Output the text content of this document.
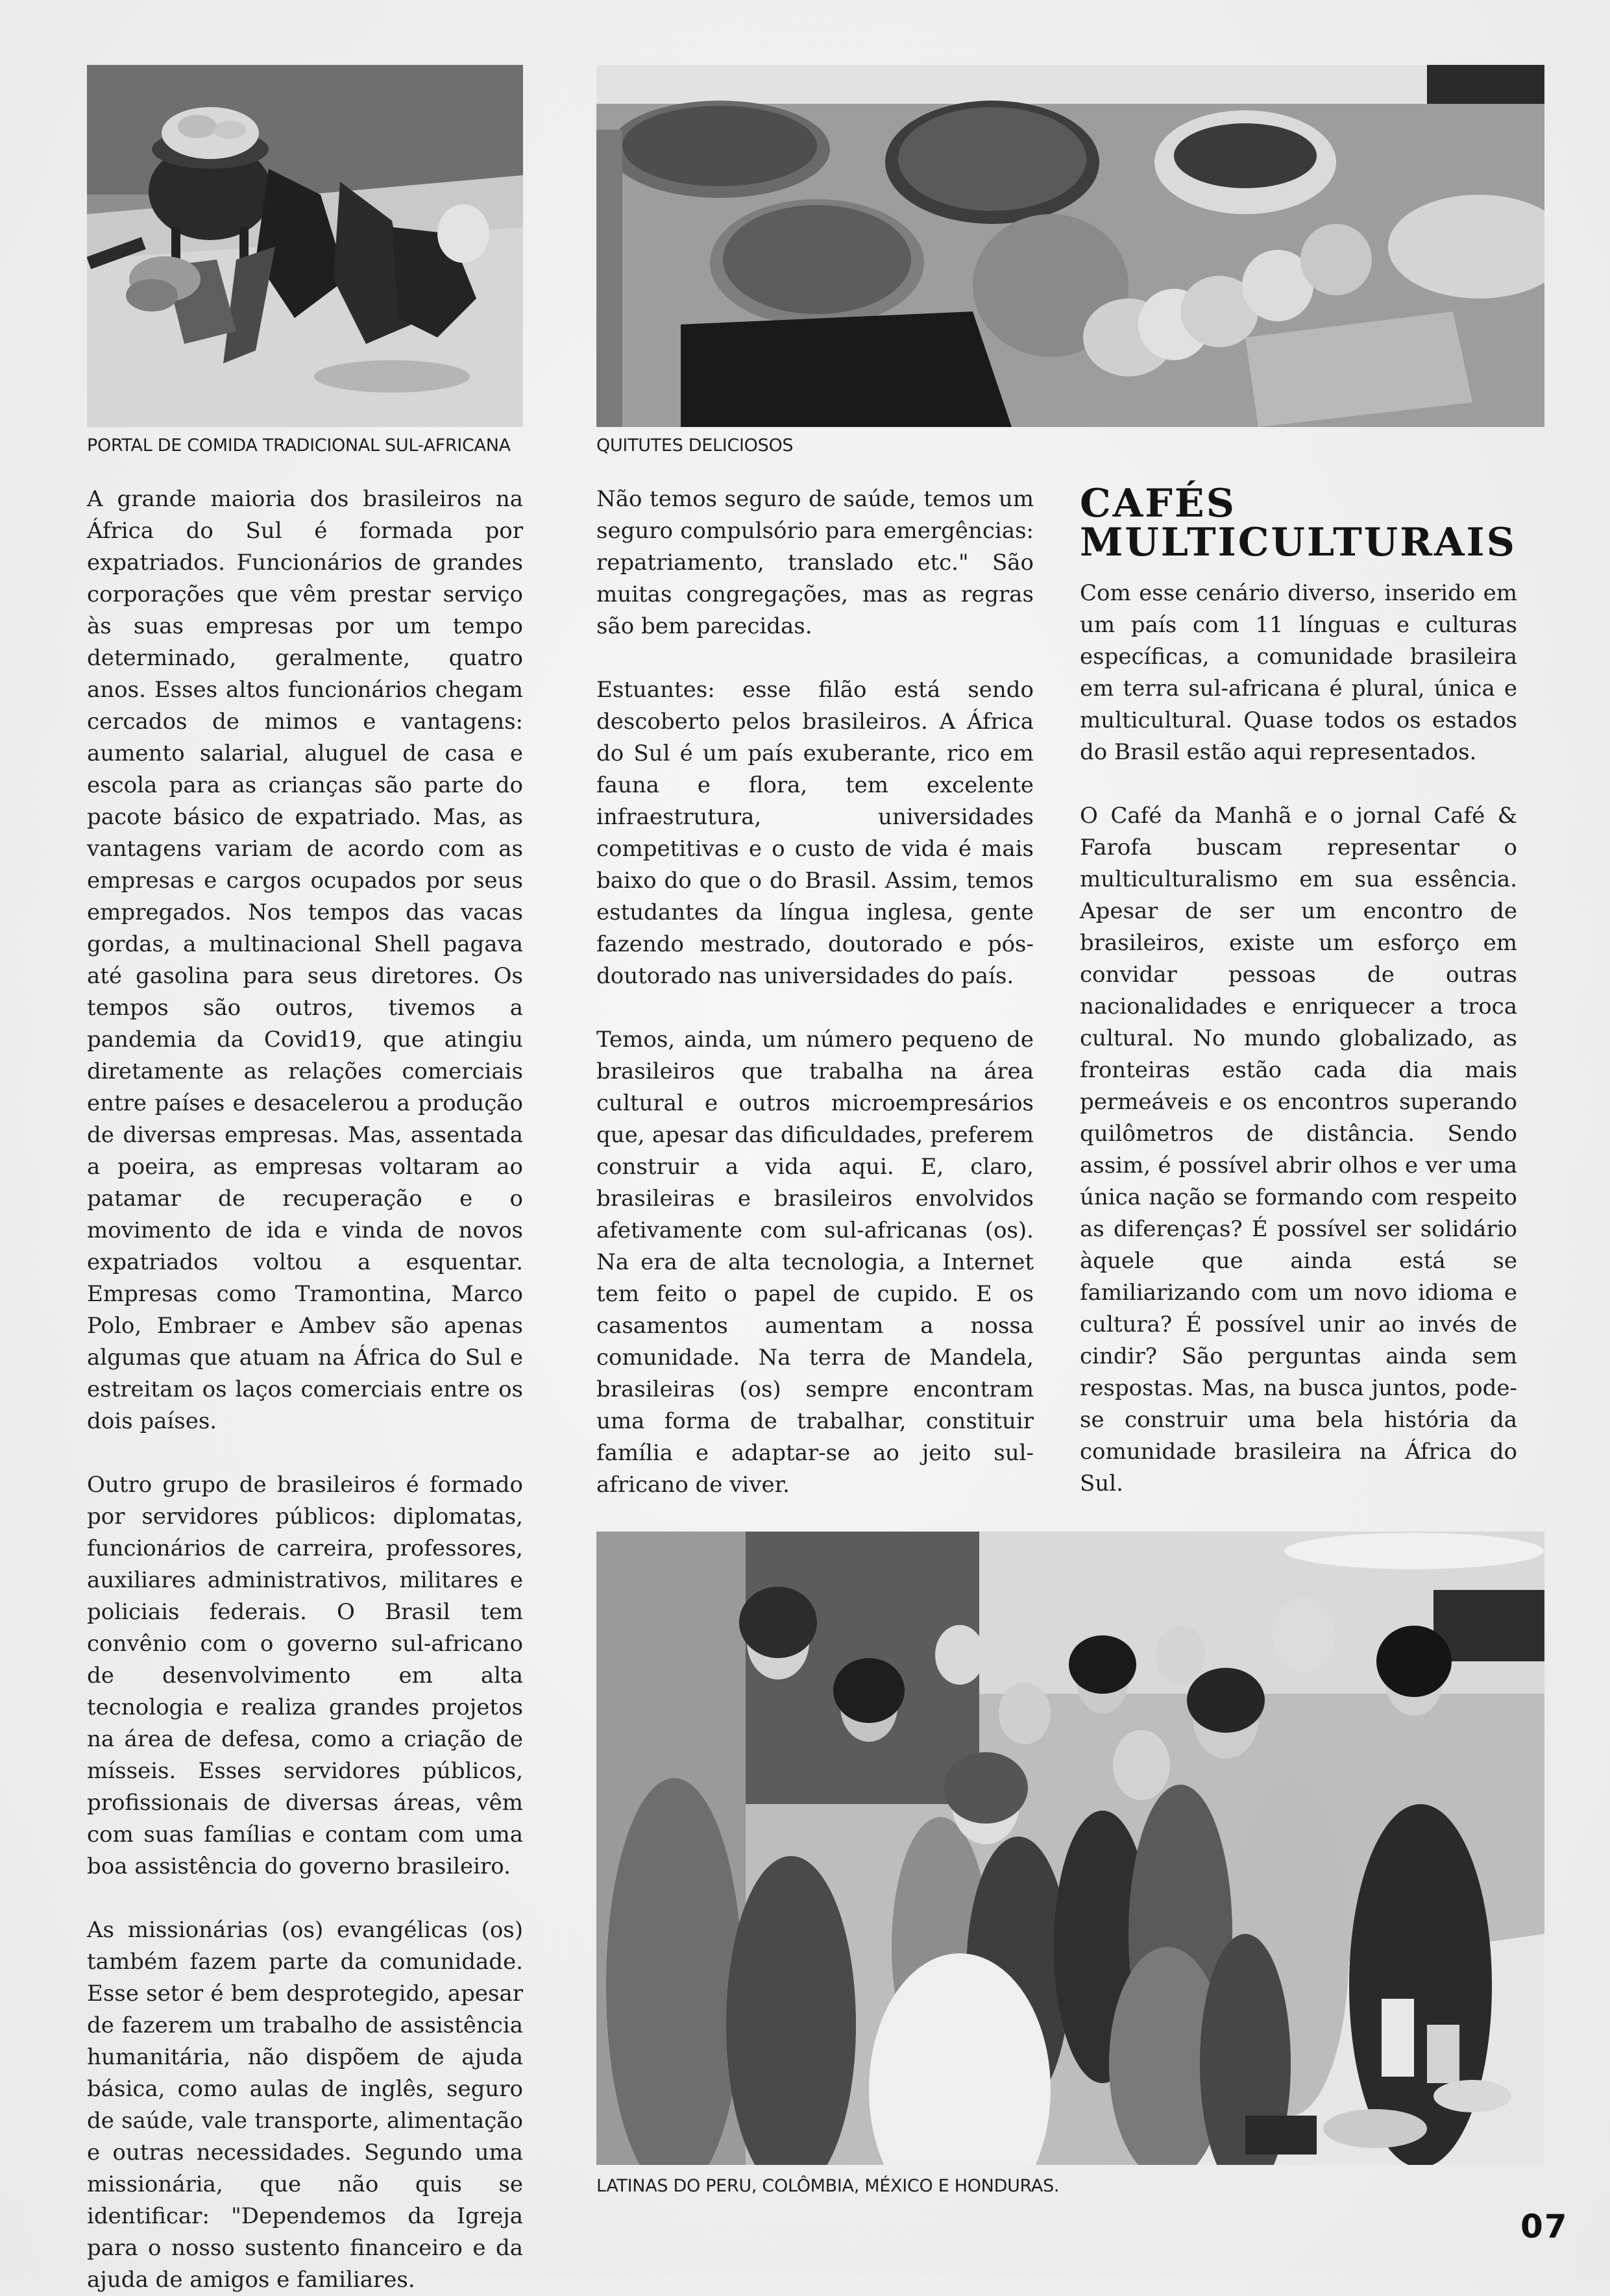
PORTAL DE COMIDA TRADICIONAL SUL-AFRICANA	QUITUTES DELICIOSOS

A grande maioria dos brasileiros na África do Sul é formada por expatriados. Funcionários de grandes corporações que vêm prestar serviço às suas empresas por um tempo determinado, geralmente, quatro anos. Esses altos funcionários chegam cercados de mimos e vantagens: aumento salarial, aluguel de casa e escola para as crianças são parte do pacote básico de expatriado. Mas, as vantagens variam de acordo com as empresas e cargos ocupados por seus empregados. Nos tempos das vacas gordas, a multinacional Shell pagava até gasolina para seus diretores. Os tempos são outros, tivemos a pandemia da Covid19, que atingiu diretamente as relações comerciais entre países e desacelerou a produção de diversas empresas. Mas, assentada a poeira, as empresas voltaram ao patamar de recuperação e o movimento de ida e vinda de novos expatriados voltou a esquentar. Empresas como Tramontina, Marco Polo, Embraer e Ambev são apenas algumas que atuam na África do Sul e estreitam os laços comerciais entre os dois países.

Outro grupo de brasileiros é formado por servidores públicos: diplomatas, funcionários de carreira, professores, auxiliares administrativos, militares e policiais federais. O Brasil tem convênio com o governo sul-africano de desenvolvimento em alta tecnologia e realiza grandes projetos na área de defesa, como a criação de mísseis. Esses servidores públicos, profissionais de diversas áreas, vêm com suas famílias e contam com uma boa assistência do governo brasileiro.

As missionárias (os) evangélicas (os) também fazem parte da comunidade. Esse setor é bem desprotegido, apesar de fazerem um trabalho de assistência humanitária, não dispõem de ajuda básica, como aulas de inglês, seguro de saúde, vale transporte, alimentação e outras necessidades. Segundo uma missionária, que não quis se identificar: "Dependemos da Igreja para o nosso sustento financeiro e da ajuda de amigos e familiares.

Não temos seguro de saúde, temos um seguro compulsório para emergências: repatriamento, translado etc." São muitas congregações, mas as regras são bem parecidas.

Estuantes: esse filão está sendo descoberto pelos brasileiros. A África do Sul é um país exuberante, rico em fauna e flora, tem excelente infraestrutura, universidades competitivas e o custo de vida é mais baixo do que o do Brasil. Assim, temos estudantes da língua inglesa, gente fazendo mestrado, doutorado e pós-doutorado nas universidades do país.

Temos, ainda, um número pequeno de brasileiros que trabalha na área cultural e outros microempresários que, apesar das dificuldades, preferem construir a vida aqui. E, claro, brasileiras e brasileiros envolvidos afetivamente com sul-africanas (os). Na era de alta tecnologia, a Internet tem feito o papel de cupido. E os casamentos aumentam a nossa comunidade. Na terra de Mandela, brasileiras (os) sempre encontram uma forma de trabalhar, constituir família e adaptar-se ao jeito sul-africano de viver.

CAFÉS MULTICULTURAIS

Com esse cenário diverso, inserido em um país com 11 línguas e culturas específicas, a comunidade brasileira em terra sul-africana é plural, única e multicultural. Quase todos os estados do Brasil estão aqui representados.

O Café da Manhã e o jornal Café & Farofa buscam representar o multiculturalismo em sua essência. Apesar de ser um encontro de brasileiros, existe um esforço em convidar pessoas de outras nacionalidades e enriquecer a troca cultural. No mundo globalizado, as fronteiras estão cada dia mais permeáveis e os encontros superando quilômetros de distância. Sendo assim, é possível abrir olhos e ver uma única nação se formando com respeito as diferenças? É possível ser solidário àquele que ainda está se familiarizando com um novo idioma e cultura? É possível unir ao invés de cindir? São perguntas ainda sem respostas. Mas, na busca juntos, pode-se construir uma bela história da comunidade brasileira na África do Sul.

LATINAS DO PERU, COLÔMBIA, MÉXICO E HONDURAS.
07
